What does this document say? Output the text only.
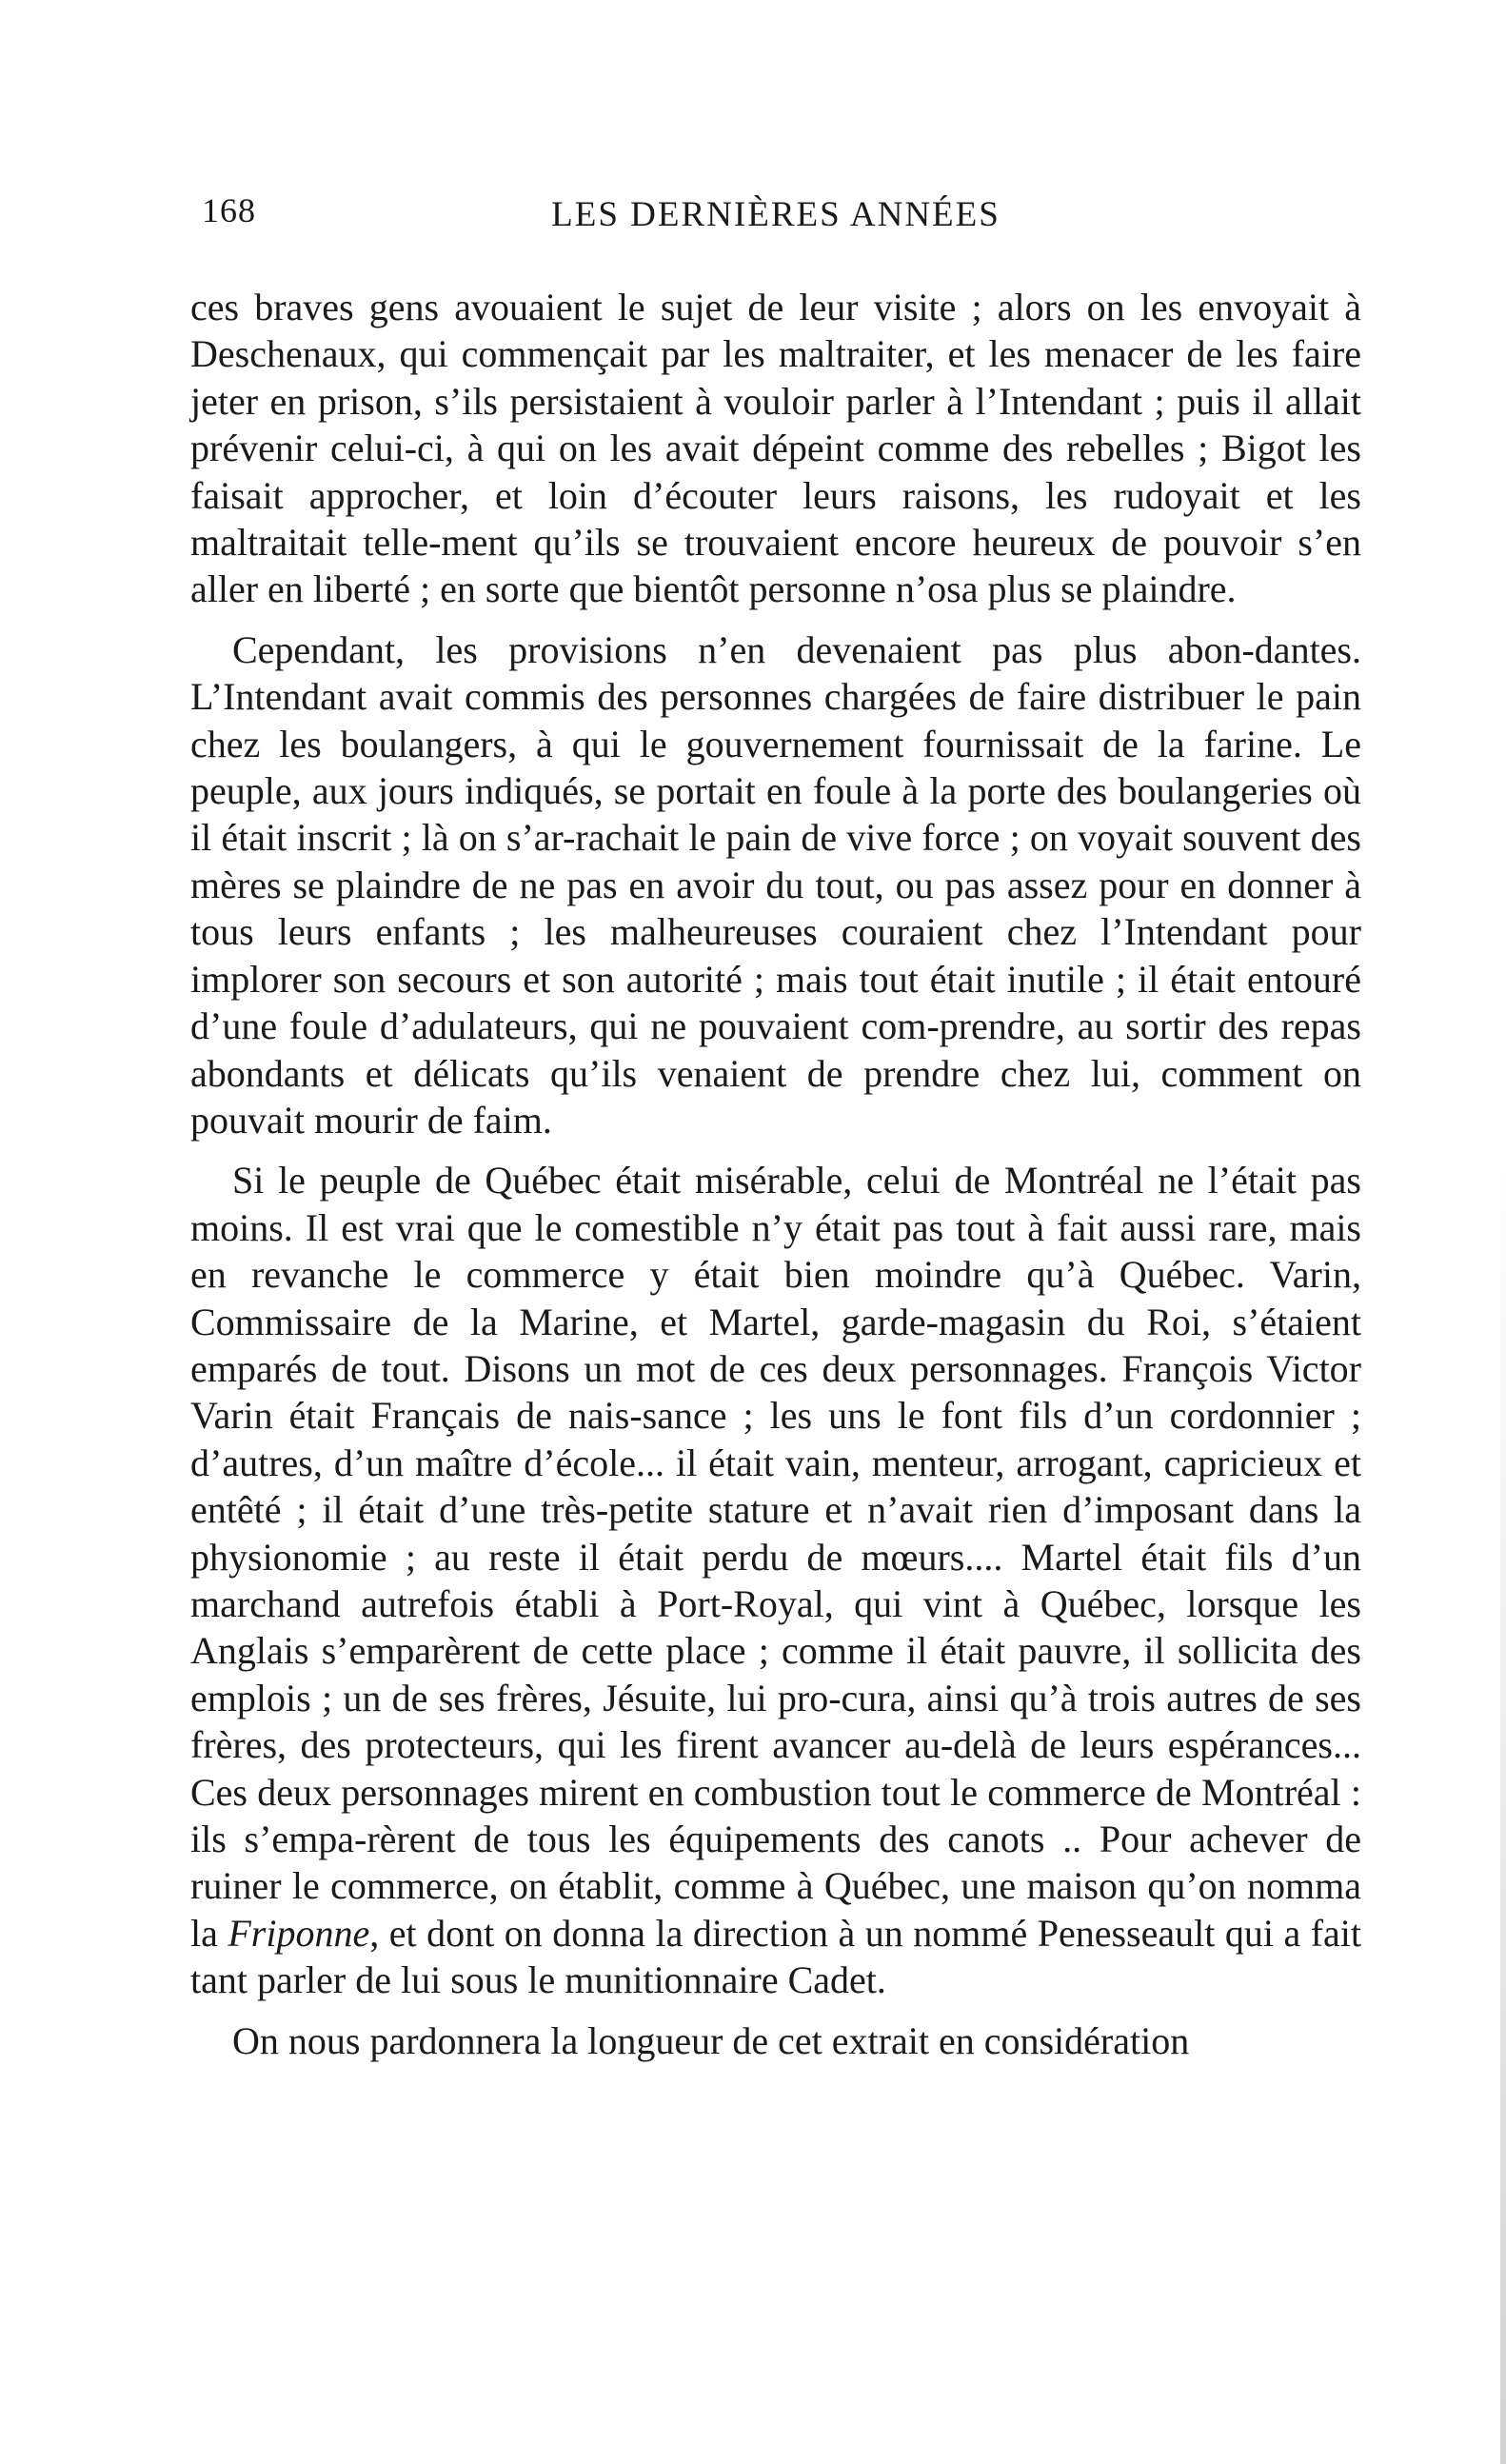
168	LES DERNIÈRES ANNÉES

ces braves gens avouaient le sujet de leur visite ; alors on les envoyait à Deschenaux, qui commençait par les maltraiter, et les menacer de les faire jeter en prison, s’ils persistaient à vouloir parler à l’Intendant ; puis il allait prévenir celui-ci, à qui on les avait dépeint comme des rebelles ; Bigot les faisait approcher, et loin d’écouter leurs raisons, les rudoyait et les maltraitait telle-ment qu’ils se trouvaient encore heureux de pouvoir s’en aller en liberté ; en sorte que bientôt personne n’osa plus se plaindre.

Cependant, les provisions n’en devenaient pas plus abon-dantes. L’Intendant avait commis des personnes chargées de faire distribuer le pain chez les boulangers, à qui le gouvernement fournissait de la farine. Le peuple, aux jours indiqués, se portait en foule à la porte des boulangeries où il était inscrit ; là on s’ar-rachait le pain de vive force ; on voyait souvent des mères se plaindre de ne pas en avoir du tout, ou pas assez pour en donner à tous leurs enfants ; les malheureuses couraient chez l’Intendant pour implorer son secours et son autorité ; mais tout était inutile ; il était entouré d’une foule d’adulateurs, qui ne pouvaient com-prendre, au sortir des repas abondants et délicats qu’ils venaient de prendre chez lui, comment on pouvait mourir de faim.

Si le peuple de Québec était misérable, celui de Montréal ne l’était pas moins. Il est vrai que le comestible n’y était pas tout à fait aussi rare, mais en revanche le commerce y était bien moindre qu’à Québec. Varin, Commissaire de la Marine, et Martel, garde-magasin du Roi, s’étaient emparés de tout. Disons un mot de ces deux personnages. François Victor Varin était Français de nais-sance ; les uns le font fils d’un cordonnier ; d’autres, d’un maître d’école... il était vain, menteur, arrogant, capricieux et entêté ; il était d’une très-petite stature et n’avait rien d’imposant dans la physionomie ; au reste il était perdu de mœurs.... Martel était fils d’un marchand autrefois établi à Port-Royal, qui vint à Québec, lorsque les Anglais s’emparèrent de cette place ; comme il était pauvre, il sollicita des emplois ; un de ses frères, Jésuite, lui pro-cura, ainsi qu’à trois autres de ses frères, des protecteurs, qui les firent avancer au-delà de leurs espérances... Ces deux personnages mirent en combustion tout le commerce de Montréal : ils s’empa-rèrent de tous les équipements des canots .. Pour achever de ruiner le commerce, on établit, comme à Québec, une maison qu’on nomma la Friponne, et dont on donna la direction à un nommé Penesseault qui a fait tant parler de lui sous le munitionnaire Cadet.

On nous pardonnera la longueur de cet extrait en considération
